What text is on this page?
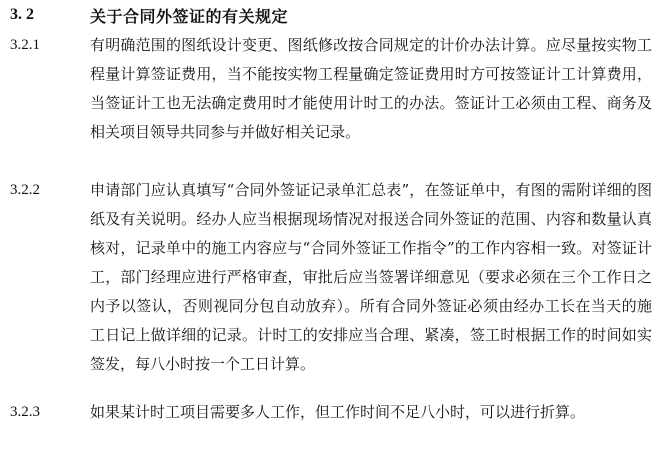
3. 2	关于合同外签证的有关规定
3.2.1	有明确范围的图纸设计变更、图纸修改按合同规定的计价办法计算。应尽量按实物工程量计算签证费用，当不能按实物工程量确定签证费用时方可按签证计工计算费用，当签证计工也无法确定费用时才能使用计时工的办法。签证计工必须由工程、商务及相关项目领导共同参与并做好相关记录。
3.2.2	申请部门应认真填写“合同外签证记录单汇总表”，在签证单中，有图的需附详细的图纸及有关说明。经办人应当根据现场情况对报送合同外签证的范围、内容和数量认真核对，记录单中的施工内容应与“合同外签证工作指令”的工作内容相一致。对签证计工，部门经理应进行严格审查，审批后应当签署详细意见（要求必须在三个工作日之内予以签认，否则视同分包自动放弃）。所有合同外签证必须由经办工长在当天的施工日记上做详细的记录。计时工的安排应当合理、紧凑，签工时根据工作的时间如实签发，每八小时按一个工日计算。
3.2.3	如果某计时工项目需要多人工作，但工作时间不足八小时，可以进行折算。
